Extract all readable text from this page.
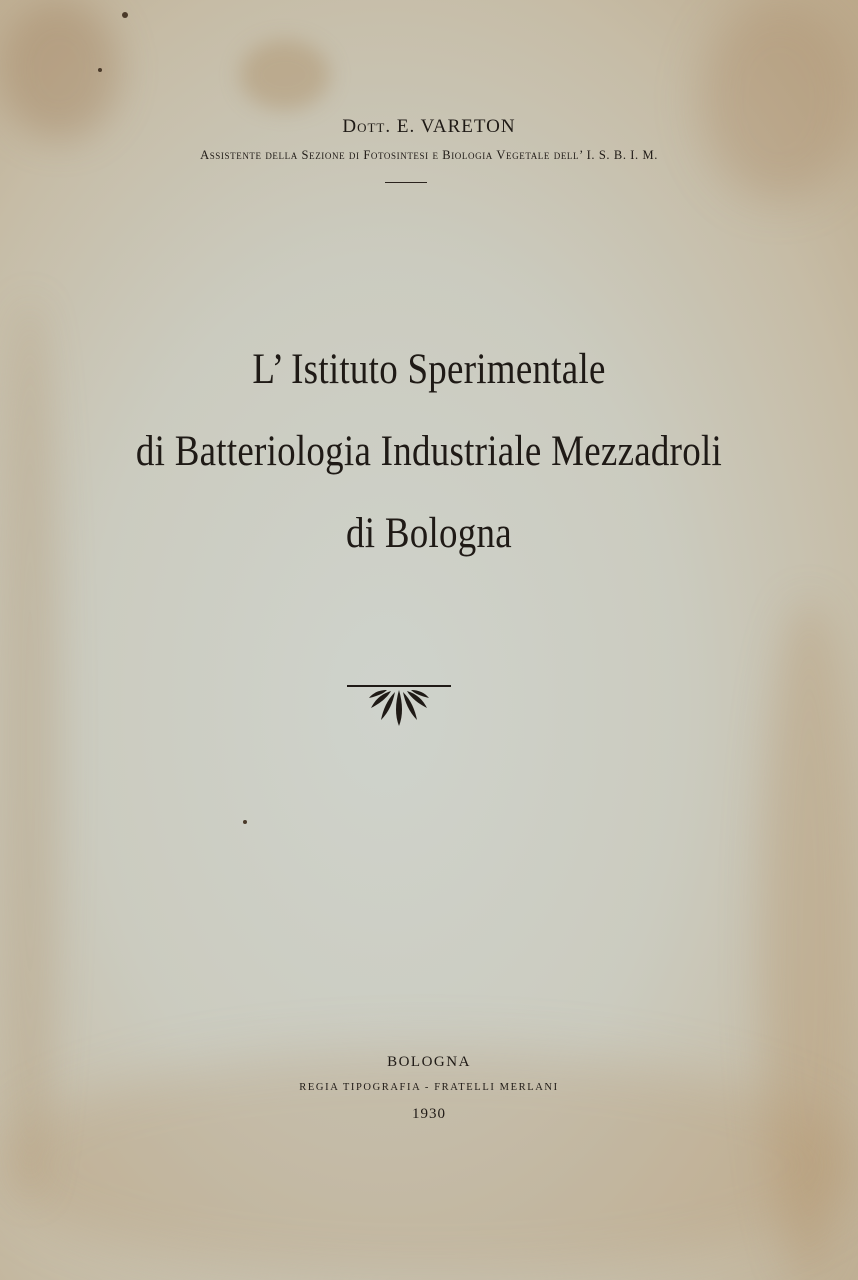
Dott. E. VARETON
Assistente della Sezione di Fotosintesi e Biologia Vegetale dell’ I. S. B. I. M.
L’ Istituto Sperimentale
di Batteriologia Industriale Mezzadroli
di Bologna
BOLOGNA
REGIA TIPOGRAFIA - FRATELLI MERLANI
1930
